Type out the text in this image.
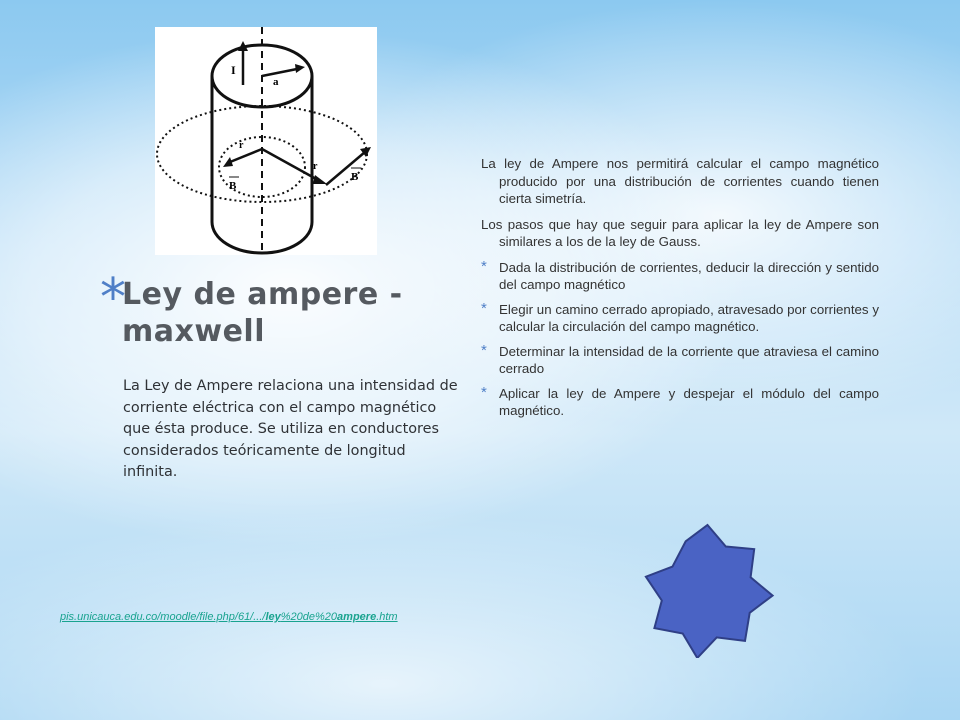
I
a
r
B
r
B
*
Ley de ampere -
maxwell

La Ley de Ampere relaciona una intensidad de corriente eléctrica con el campo magnético que ésta produce. Se utiliza en conductores considerados teóricamente de longitud infinita.

La ley de Ampere nos permitirá calcular el campo magnético producido por una distribución de corrientes cuando tienen cierta simetría.

Los pasos que hay que seguir para aplicar la ley de Ampere son similares a los de la ley de Gauss.

* Dada la distribución de corrientes, deducir la dirección y sentido del campo magnético
* Elegir un camino cerrado apropiado, atravesado por corrientes y calcular la circulación del campo magnético.
* Determinar la intensidad de la corriente que atraviesa el camino cerrado
* Aplicar la ley de Ampere y despejar el módulo del campo magnético.
pis.unicauca.edu.co/moodle/file.php/61/.../ley%20de%20ampere.htm
